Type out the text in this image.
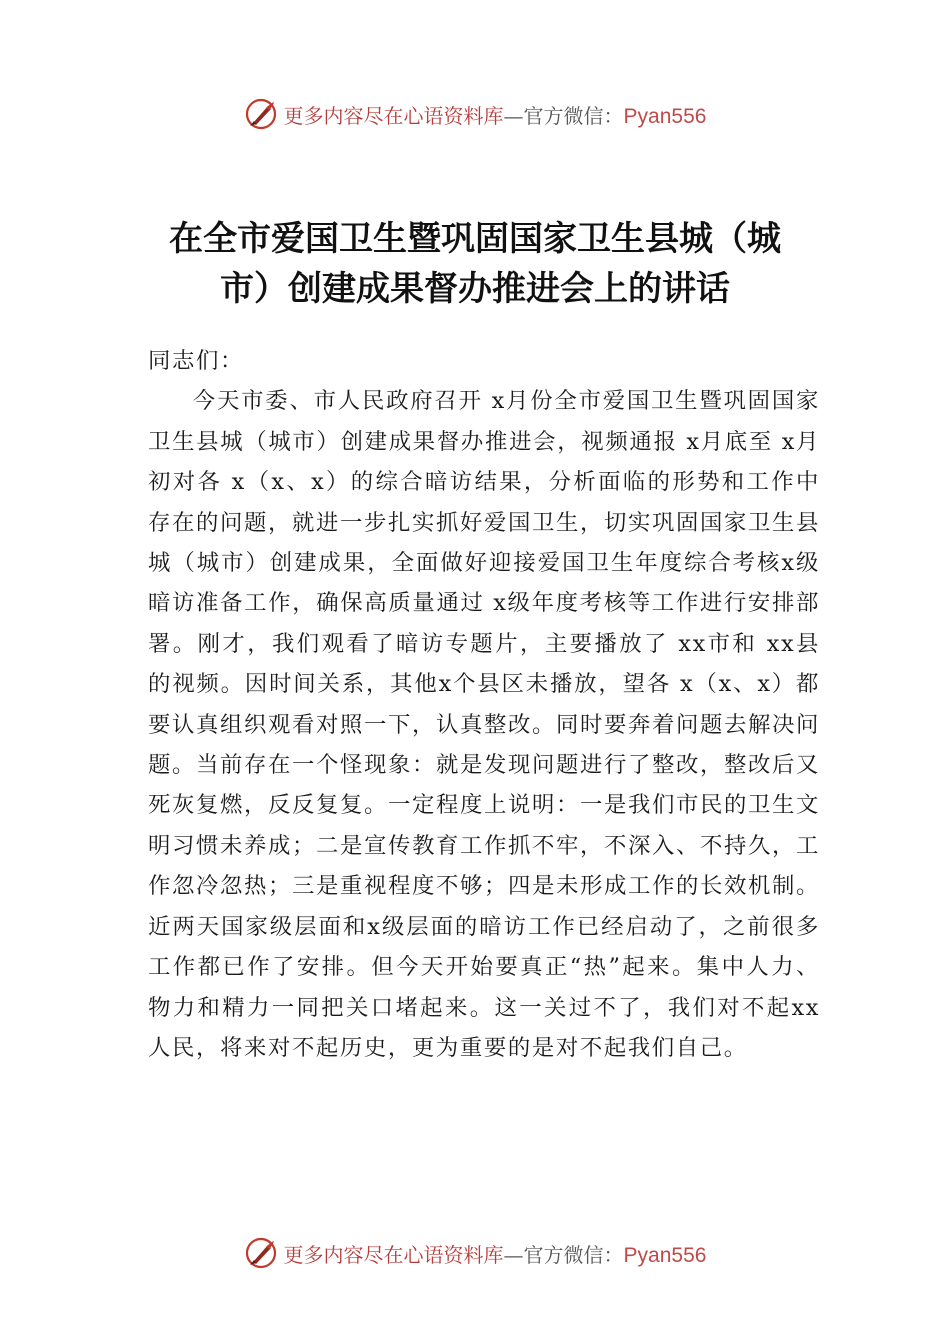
更多内容尽在心语资料库—官方微信：Pyan556
在全市爱国卫生暨巩固国家卫生县城（城
市）创建成果督办推进会上的讲话

同志们：

今天市委、市人民政府召开 x月份全市爱国卫生暨巩固国家卫生县城（城市）创建成果督办推进会，视频通报 x月底至 x月初对各 x（x、x）的综合暗访结果，分析面临的形势和工作中存在的问题，就进一步扎实抓好爱国卫生，切实巩固国家卫生县城（城市）创建成果，全面做好迎接爱国卫生年度综合考核x级暗访准备工作，确保高质量通过 x级年度考核等工作进行安排部署。刚才，我们观看了暗访专题片，主要播放了 xx市和 xx县的视频。因时间关系，其他x个县区未播放，望各 x（x、x）都要认真组织观看对照一下，认真整改。同时要奔着问题去解决问题。当前存在一个怪现象：就是发现问题进行了整改，整改后又死灰复燃，反反复复。一定程度上说明：一是我们市民的卫生文明习惯未养成；二是宣传教育工作抓不牢，不深入、不持久，工作忽冷忽热；三是重视程度不够；四是未形成工作的长效机制。近两天国家级层面和x级层面的暗访工作已经启动了，之前很多工作都已作了安排。但今天开始要真正“热”起来。集中人力、物力和精力一同把关口堵起来。这一关过不了，我们对不起xx 人民，将来对不起历史，更为重要的是对不起我们自己。

更多内容尽在心语资料库—官方微信：Pyan556
